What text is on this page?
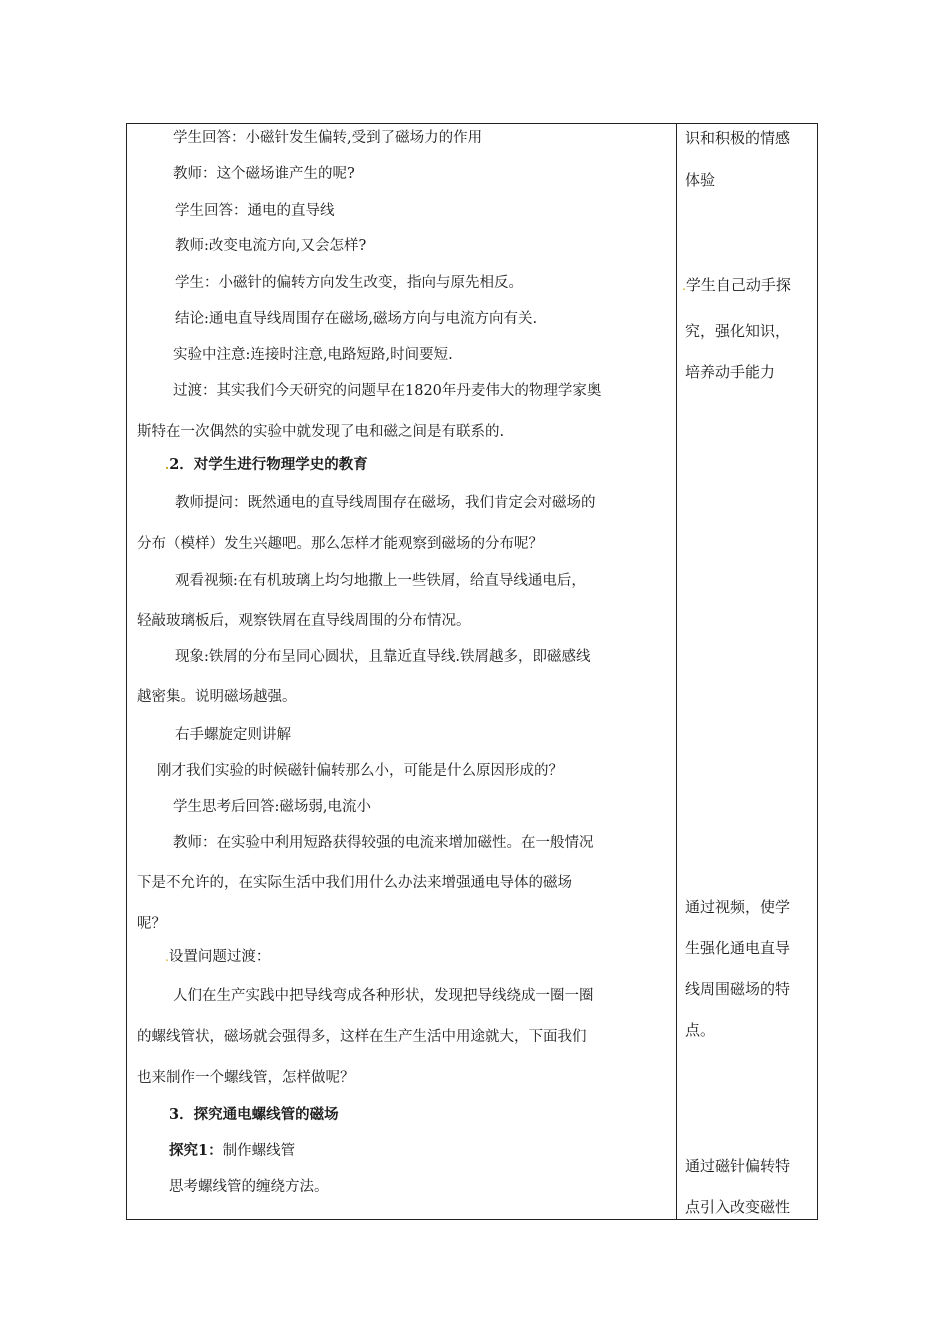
学生回答：小磁针发生偏转,受到了磁场力的作用
教师：这个磁场谁产生的呢?
学生回答：通电的直导线
教师:改变电流方向,又会怎样?
学生：小磁针的偏转方向发生改变，指向与原先相反。
结论:通电直导线周围存在磁场,磁场方向与电流方向有关.
实验中注意:连接时注意,电路短路,时间要短.
过渡：其实我们今天研究的问题早在1820年丹麦伟大的物理学家奥
斯特在一次偶然的实验中就发现了电和磁之间是有联系的.
.2．对学生进行物理学史的教育
教师提问：既然通电的直导线周围存在磁场，我们肯定会对磁场的
分布（模样）发生兴趣吧。那么怎样才能观察到磁场的分布呢？
观看视频:在有机玻璃上均匀地撒上一些铁屑，给直导线通电后，
轻敲玻璃板后，观察铁屑在直导线周围的分布情况。
现象:铁屑的分布呈同心圆状，且靠近直导线.铁屑越多，即磁感线
越密集。说明磁场越强。
右手螺旋定则讲解
刚才我们实验的时候磁针偏转那么小，可能是什么原因形成的？
学生思考后回答:磁场弱,电流小
教师：在实验中利用短路获得较强的电流来增加磁性。在一般情况
下是不允许的，在实际生活中我们用什么办法来增强通电导体的磁场
呢？
.设置问题过渡：
人们在生产实践中把导线弯成各种形状，发现把导线绕成一圈一圈
的螺线管状，磁场就会强得多，这样在生产生活中用途就大，下面我们
也来制作一个螺线管，怎样做呢？
3．探究通电螺线管的磁场
探究1：制作螺线管
思考螺线管的缠绕方法。
识和积极的情感
体验
.学生自己动手探
究，强化知识，
培养动手能力
通过视频，使学
生强化通电直导
线周围磁场的特
点。
通过磁针偏转特
点引入改变磁性
